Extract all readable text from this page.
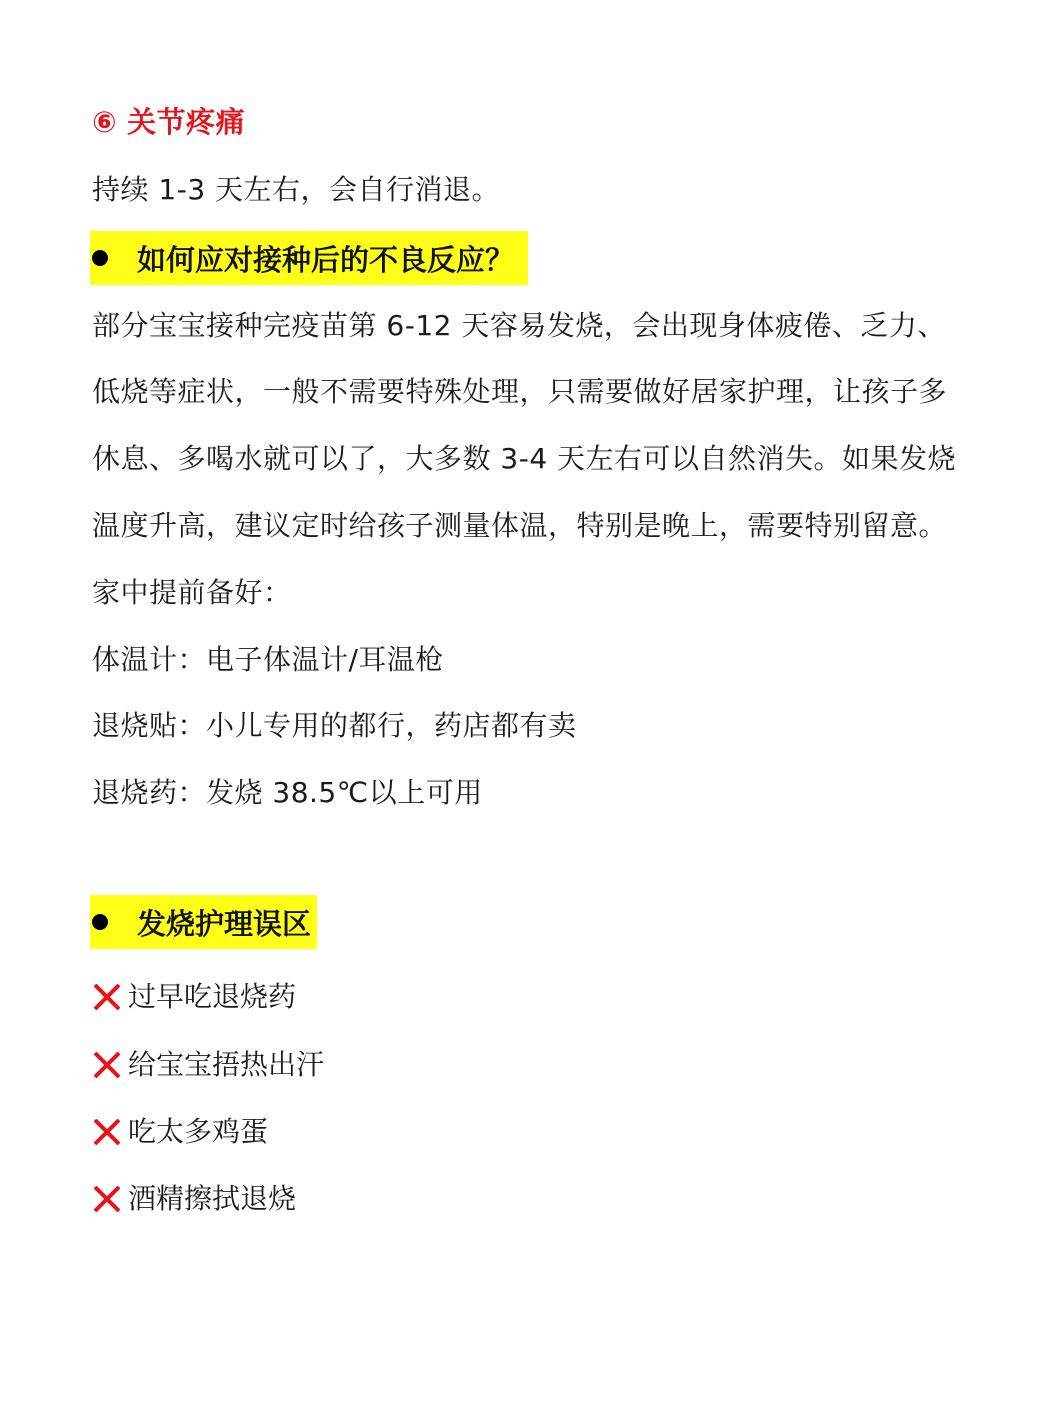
⑥ 关节疼痛
持续 1-3 天左右，会自行消退。
如何应对接种后的不良反应？
部分宝宝接种完疫苗第 6-12 天容易发烧，会出现身体疲倦、乏力、
低烧等症状，一般不需要特殊处理，只需要做好居家护理，让孩子多
休息、多喝水就可以了，大多数 3-4 天左右可以自然消失。如果发烧
温度升高，建议定时给孩子测量体温，特别是晚上，需要特别留意。
家中提前备好：
体温计：电子体温计/耳温枪
退烧贴：小儿专用的都行，药店都有卖
退烧药：发烧 38.5℃以上可用
发烧护理误区
过早吃退烧药
给宝宝捂热出汗
吃太多鸡蛋
酒精擦拭退烧
